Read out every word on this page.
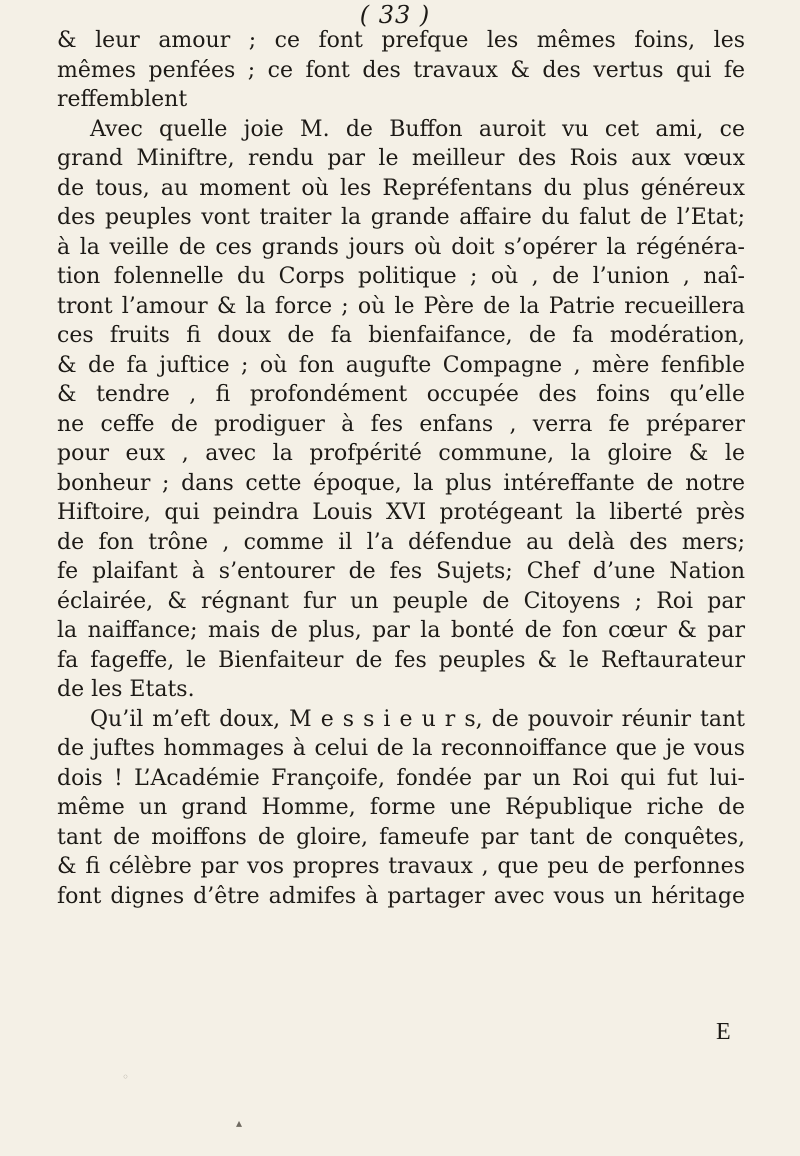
( 33 )

& leur amour ; ce font prefque les mêmes foins, les
mêmes penfées ; ce font des travaux & des vertus qui fe
reffemblent

Avec quelle joie M. de Buffon auroit vu cet ami, ce
grand Miniftre, rendu par le meilleur des Rois aux vœux
de tous, au moment où les Repréfentans du plus généreux
des peuples vont traiter la grande affaire du falut de l’Etat;
à la veille de ces grands jours où doit s’opérer la régénéra-
tion folennelle du Corps politique ; où , de l’union , naî-
tront l’amour & la force ; où le Père de la Patrie recueillera
ces fruits fi doux de fa bienfaifance, de fa modération,
& de fa juftice ; où fon augufte Compagne , mère fenfible
& tendre , fi profondément occupée des foins qu’elle
ne ceffe de prodiguer à fes enfans , verra fe préparer
pour eux , avec la profpérité commune, la gloire & le
bonheur ; dans cette époque, la plus intéreffante de notre
Hiftoire, qui peindra Louis XVI protégeant la liberté près
de fon trône , comme il l’a défendue au delà des mers;
fe plaifant à s’entourer de fes Sujets; Chef d’une Nation
éclairée, & régnant fur un peuple de Citoyens ; Roi par
la naiffance; mais de plus, par la bonté de fon cœur & par
fa fageffe, le Bienfaiteur de fes peuples & le Reftaurateur
de les Etats.

Qu’il m’eft doux, M e s s i e u r s, de pouvoir réunir tant
de juftes hommages à celui de la reconnoiffance que je vous
dois ! L’Académie Françoife, fondée par un Roi qui fut lui-
même un grand Homme, forme une République riche de
tant de moiffons de gloire, fameufe par tant de conquêtes,
& fi célèbre par vos propres travaux , que peu de perfonnes
font dignes d’être admifes à partager avec vous un héritage

E
◦
▴
